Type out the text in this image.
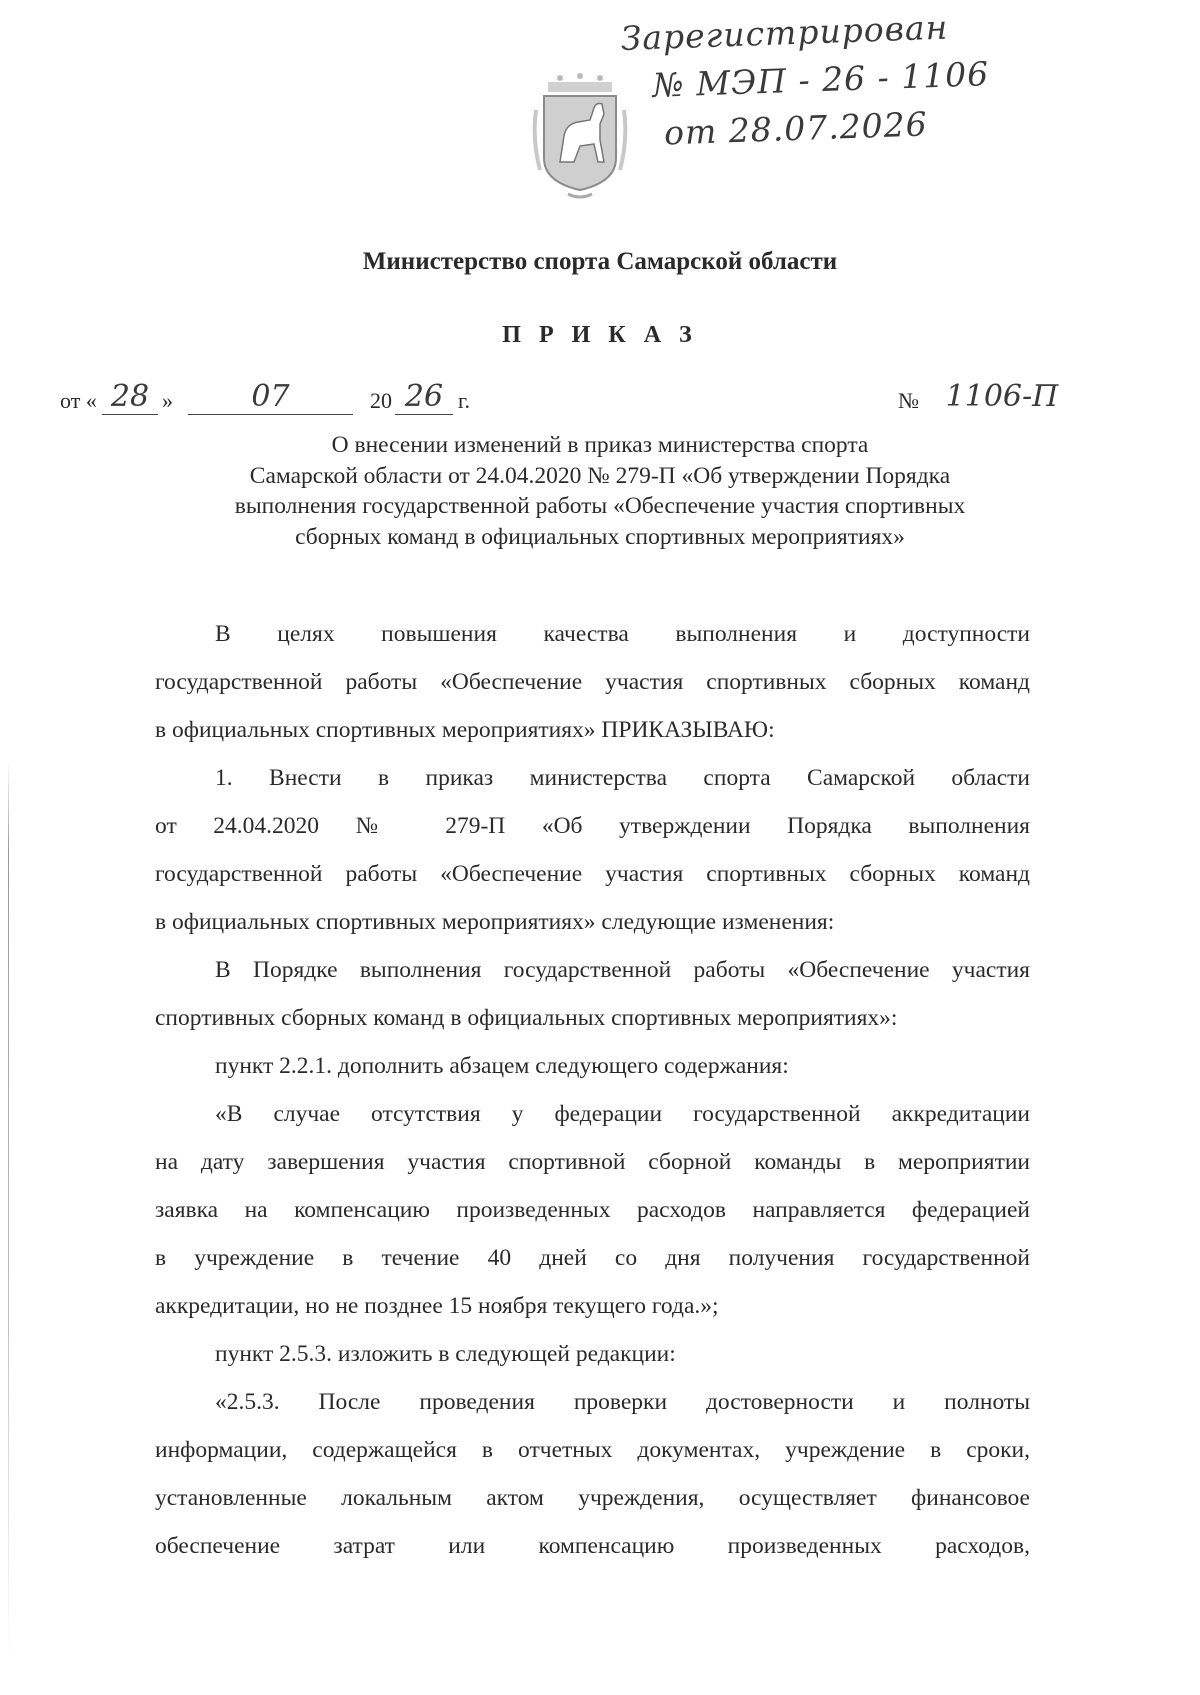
Зарегистрирован
№ МЭП - 26 - 1106
от 28.07.2026
Министерство спорта Самарской области
П Р И К А З
от « 28 »	07	20 26 г.	№ 1106-П
О внесении изменений в приказ министерства спорта
Самарской области от 24.04.2020 № 279-П «Об утверждении Порядка
выполнения государственной работы «Обеспечение участия спортивных
сборных команд в официальных спортивных мероприятиях»

В целях повышения качества выполнения и доступности

государственной работы «Обеспечение участия спортивных сборных команд

в официальных спортивных мероприятиях» ПРИКАЗЫВАЮ:

1. Внести в приказ министерства спорта Самарской области

от 24.04.2020 № 279-П «Об утверждении Порядка выполнения

государственной работы «Обеспечение участия спортивных сборных команд

в официальных спортивных мероприятиях» следующие изменения:

В Порядке выполнения государственной работы «Обеспечение участия

спортивных сборных команд в официальных спортивных мероприятиях»:

пункт 2.2.1. дополнить абзацем следующего содержания:

«В случае отсутствия у федерации государственной аккредитации

на дату завершения участия спортивной сборной команды в мероприятии

заявка на компенсацию произведенных расходов направляется федерацией

в учреждение в течение 40 дней со дня получения государственной

аккредитации, но не позднее 15 ноября текущего года.»;

пункт 2.5.3. изложить в следующей редакции:

«2.5.3. После проведения проверки достоверности и полноты

информации, содержащейся в отчетных документах, учреждение в сроки,

установленные локальным актом учреждения, осуществляет финансовое

обеспечение затрат или компенсацию произведенных расходов,
